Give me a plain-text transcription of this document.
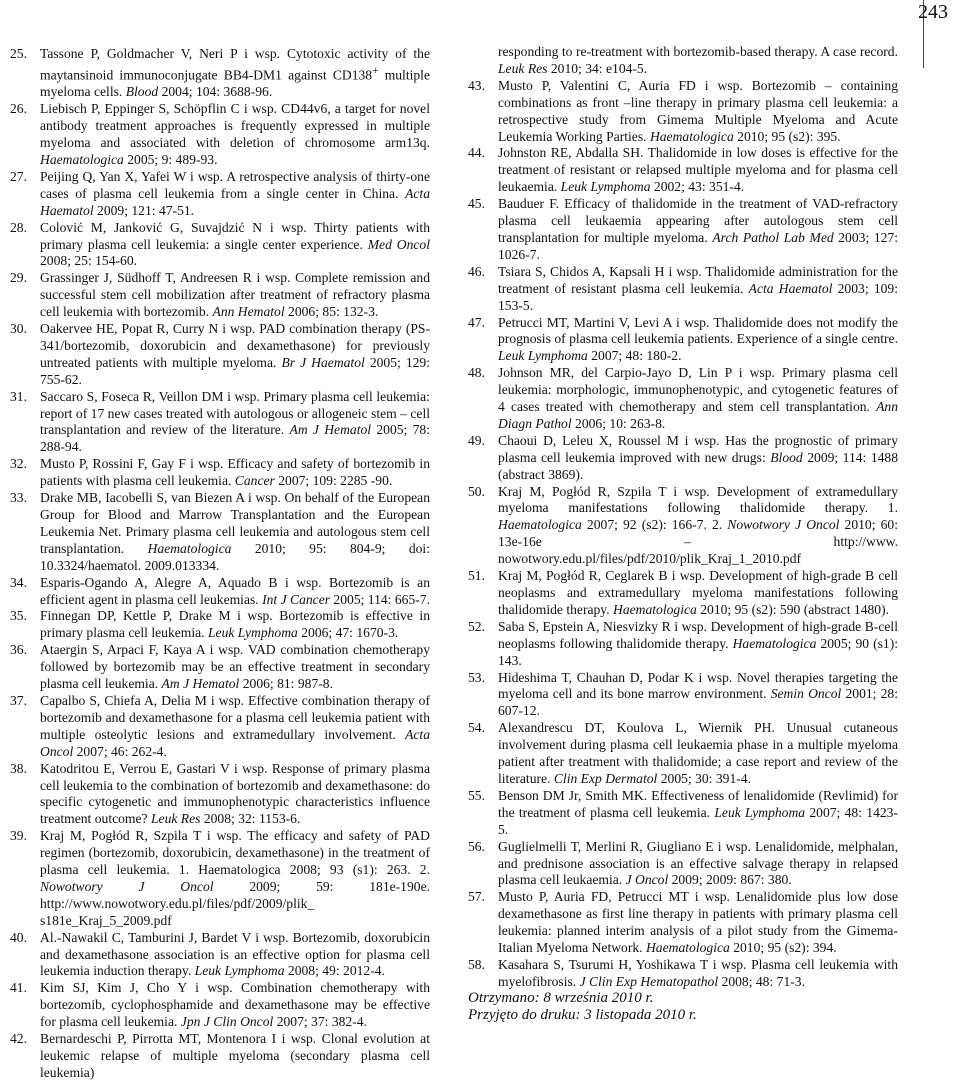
243
25. Tassone P, Goldmacher V, Neri P i wsp. Cytotoxic activity of the maytansinoid immunoconjugate BB4-DM1 against CD138+ multiple myeloma cells. Blood 2004; 104: 3688-96.
26. Liebisch P, Eppinger S, Schöpflin C i wsp. CD44v6, a target for novel antibody treatment approaches is frequently expressed in multiple myeloma and associated with deletion of chromosome arm13q. Haematologica 2005; 9: 489-93.
27. Peijing Q, Yan X, Yafei W i wsp. A retrospective analysis of thirty-one cases of plasma cell leukemia from a single center in China. Acta Haematol 2009; 121: 47-51.
28. Colović M, Janković G, Suvajdzić N i wsp. Thirty patients with primary plasma cell leukemia: a single center experience. Med Oncol 2008; 25: 154-60.
29. Grassinger J, Südhoff T, Andreesen R i wsp. Complete remission and successful stem cell mobilization after treatment of refractory plasma cell leukemia with bortezomib. Ann Hematol 2006; 85: 132-3.
30. Oakervee HE, Popat R, Curry N i wsp. PAD combination therapy (PS-341/bortezomib, doxorubicin and dexamethasone) for previously untreated patients with multiple myeloma. Br J Haematol 2005; 129: 755-62.
31. Saccaro S, Foseca R, Veillon DM i wsp. Primary plasma cell leukemia: report of 17 new cases treated with autologous or allogeneic stem – cell transplantation and review of the literature. Am J Hematol 2005; 78: 288-94.
32. Musto P, Rossini F, Gay F i wsp. Efficacy and safety of bortezomib in patients with plasma cell leukemia. Cancer 2007; 109: 2285 -90.
33. Drake MB, Iacobelli S, van Biezen A i wsp. On behalf of the European Group for Blood and Marrow Transplantation and the European Leukemia Net. Primary plasma cell leukemia and autologous stem cell transplantation. Haematologica 2010; 95: 804-9; doi: 10.3324/haematol. 2009.013334.
34. Esparis-Ogando A, Alegre A, Aquado B i wsp. Bortezomib is an efficient agent in plasma cell leukemias. Int J Cancer 2005; 114: 665-7.
35. Finnegan DP, Kettle P, Drake M i wsp. Bortezomib is effective in primary plasma cell leukemia. Leuk Lymphoma 2006; 47: 1670-3.
36. Ataergin S, Arpaci F, Kaya A i wsp. VAD combination chemotherapy followed by bortezomib may be an effective treatment in secondary plasma cell leukemia. Am J Hematol 2006; 81: 987-8.
37. Capalbo S, Chiefa A, Delia M i wsp. Effective combination therapy of bortezomib and dexamethasone for a plasma cell leukemia patient with multiple osteolytic lesions and extramedullary involvement. Acta Oncol 2007; 46: 262-4.
38. Katodritou E, Verrou E, Gastari V i wsp. Response of primary plasma cell leukemia to the combination of bortezomib and dexamethasone: do specific cytogenetic and immunophenotypic characteristics influence treatment outcome? Leuk Res 2008; 32: 1153-6.
39. Kraj M, Pogłód R, Szpila T i wsp. The efficacy and safety of PAD regimen (bortezomib, doxorubicin, dexamethasone) in the treatment of plasma cell leukemia. 1. Haematologica 2008; 93 (s1): 263. 2. Nowotwory J Oncol 2009; 59: 181e-190e. http://www.nowotwory.edu.pl/files/pdf/2009/plik_ s181e_Kraj_5_2009.pdf
40. Al.-Nawakil C, Tamburini J, Bardet V i wsp. Bortezomib, doxorubicin and dexamethasone association is an effective option for plasma cell leukemia induction therapy. Leuk Lymphoma 2008; 49: 2012-4.
41. Kim SJ, Kim J, Cho Y i wsp. Combination chemotherapy with bortezomib, cyclophosphamide and dexamethasone may be effective for plasma cell leukemia. Jpn J Clin Oncol 2007; 37: 382-4.
42. Bernardeschi P, Pirrotta MT, Montenora I i wsp. Clonal evolution at leukemic relapse of multiple myeloma (secondary plasma cell leukemia)
responding to re-treatment with bortezomib-based therapy. A case record. Leuk Res 2010; 34: e104-5.
43. Musto P, Valentini C, Auria FD i wsp. Bortezomib – containing combinations as front –line therapy in primary plasma cell leukemia: a retrospective study from Gimema Multiple Myeloma and Acute Leukemia Working Parties. Haematologica 2010; 95 (s2): 395.
44. Johnston RE, Abdalla SH. Thalidomide in low doses is effective for the treatment of resistant or relapsed multiple myeloma and for plasma cell leukaemia. Leuk Lymphoma 2002; 43: 351-4.
45. Bauduer F. Efficacy of thalidomide in the treatment of VAD-refractory plasma cell leukaemia appearing after autologous stem cell transplantation for multiple myeloma. Arch Pathol Lab Med 2003; 127: 1026-7.
46. Tsiara S, Chidos A, Kapsali H i wsp. Thalidomide administration for the treatment of resistant plasma cell leukemia. Acta Haematol 2003; 109: 153-5.
47. Petrucci MT, Martini V, Levi A i wsp. Thalidomide does not modify the prognosis of plasma cell leukemia patients. Experience of a single centre. Leuk Lymphoma 2007; 48: 180-2.
48. Johnson MR, del Carpio-Jayo D, Lin P i wsp. Primary plasma cell leukemia: morphologic, immunophenotypic, and cytogenetic features of 4 cases treated with chemotherapy and stem cell transplantation. Ann Diagn Pathol 2006; 10: 263-8.
49. Chaoui D, Leleu X, Roussel M i wsp. Has the prognostic of primary plasma cell leukemia improved with new drugs: Blood 2009; 114: 1488 (abstract 3869).
50. Kraj M, Pogłód R, Szpila T i wsp. Development of extramedullary myeloma manifestations following thalidomide therapy. 1. Haematologica 2007; 92 (s2): 166-7. 2. Nowotwory J Oncol 2010; 60: 13e-16e – http://www. nowotwory.edu.pl/files/pdf/2010/plik_Kraj_1_2010.pdf
51. Kraj M, Pogłód R, Ceglarek B i wsp. Development of high-grade B cell neoplasms and extramedullary myeloma manifestations following thalidomide therapy. Haematologica 2010; 95 (s2): 590 (abstract 1480).
52. Saba S, Epstein A, Niesvizky R i wsp. Development of high-grade B-cell neoplasms following thalidomide therapy. Haematologica 2005; 90 (s1): 143.
53. Hideshima T, Chauhan D, Podar K i wsp. Novel therapies targeting the myeloma cell and its bone marrow environment. Semin Oncol 2001; 28: 607-12.
54. Alexandrescu DT, Koulova L, Wiernik PH. Unusual cutaneous involvement during plasma cell leukaemia phase in a multiple myeloma patient after treatment with thalidomide; a case report and review of the literature. Clin Exp Dermatol 2005; 30: 391-4.
55. Benson DM Jr, Smith MK. Effectiveness of lenalidomide (Revlimid) for the treatment of plasma cell leukemia. Leuk Lymphoma 2007; 48: 1423-5.
56. Guglielmelli T, Merlini R, Giugliano E i wsp. Lenalidomide, melphalan, and prednisone association is an effective salvage therapy in relapsed plasma cell leukaemia. J Oncol 2009; 2009: 867: 380.
57. Musto P, Auria FD, Petrucci MT i wsp. Lenalidomide plus low dose dexamethasone as first line therapy in patients with primary plasma cell leukemia: planned interim analysis of a pilot study from the Gimema-Italian Myeloma Network. Haematologica 2010; 95 (s2): 394.
58. Kasahara S, Tsurumi H, Yoshikawa T i wsp. Plasma cell leukemia with myelofibrosis. J Clin Exp Hematopathol 2008; 48: 71-3.
Otrzymano: 8 września 2010 r.
Przyjęto do druku: 3 listopada 2010 r.
